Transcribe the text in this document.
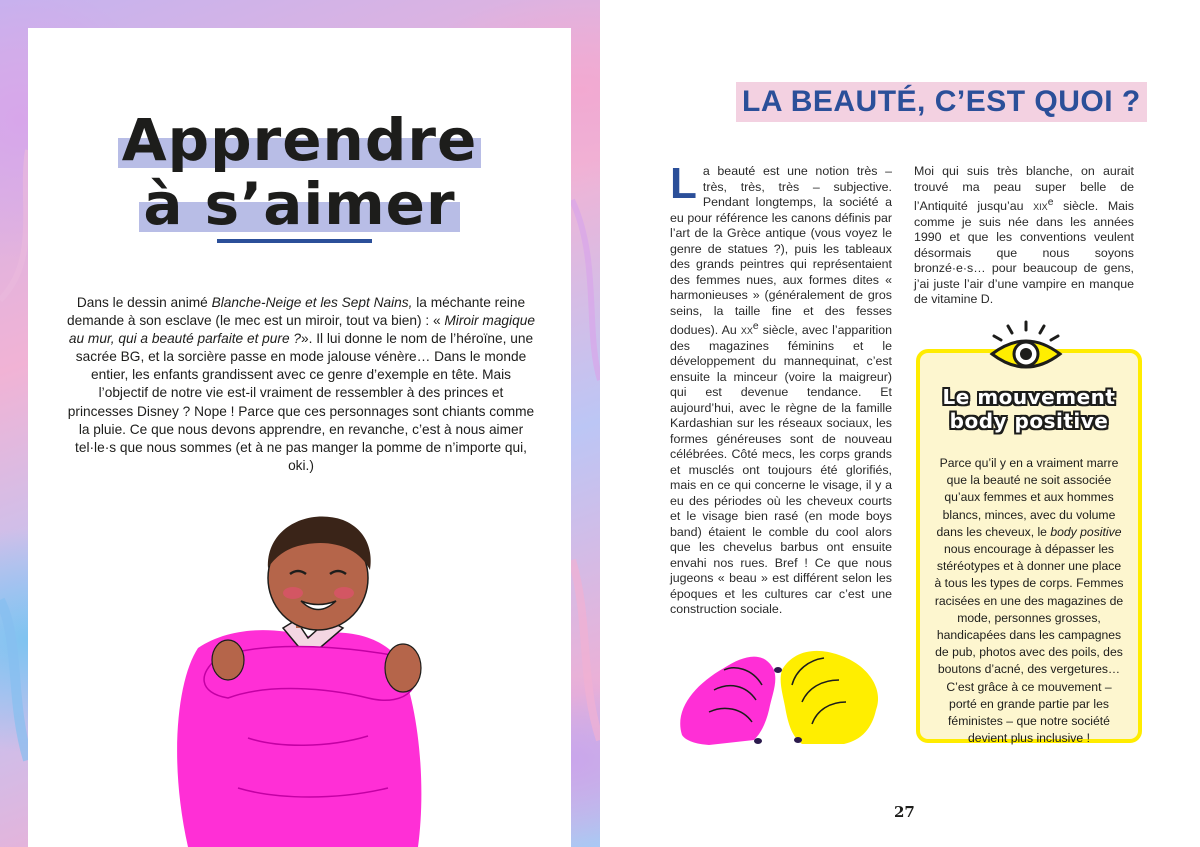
Apprendre
à s’aimer

Dans le dessin animé Blanche-Neige et les Sept Nains, la méchante reine demande à son esclave (le mec est un miroir, tout va bien) : « Miroir magique au mur, qui a beauté parfaite et pure ?». Il lui donne le nom de l’héroïne, une sacrée BG, et la sorcière passe en mode jalouse vénère… Dans le monde entier, les enfants grandissent avec ce genre d’exemple en tête. Mais l’objectif de notre vie est-il vraiment de ressembler à des princes et princesses Disney ? Nope ! Parce que ces personnages sont chiants comme la pluie. Ce que nous devons apprendre, en revanche, c’est à nous aimer tel·le·s que nous sommes (et à ne pas manger la pomme de n’importe qui, oki.)

LA BEAUTÉ, C’EST QUOI ?
L a beauté est une notion très – très, très, très – subjective. Pendant longtemps, la société a eu pour référence les canons définis par l’art de la Grèce antique (vous voyez le genre de statues ?), puis les tableaux des grands peintres qui représentaient des femmes nues, aux formes dites « harmonieuses » (généralement de gros seins, la taille fine et des fesses dodues). Au $xx^e$ siècle, avec l’apparition des magazines féminins et le développement du mannequinat, c’est ensuite la minceur (voire la maigreur) qui est devenue tendance. Et aujourd’hui, avec le règne de la famille Kardashian sur les réseaux sociaux, les formes généreuses sont de nouveau célébrées. Côté mecs, les corps grands et musclés ont toujours été glorifiés, mais en ce qui concerne le visage, il y a eu des périodes où les cheveux courts et le visage bien rasé (en mode boys band) étaient le comble du cool alors que les chevelus barbus ont ensuite envahi nos rues. Bref ! Ce que nous jugeons « beau » est différent selon les époques et les cultures car c’est une construction sociale.

Moi qui suis très blanche, on aurait trouvé ma peau super belle de l’Antiquité jusqu’au xix$^e$ siècle. Mais comme je suis née dans les années 1990 et que les conventions veulent désormais que nous soyons bronzé·e·s… pour beaucoup de gens, j’ai juste l’air d’une vampire en manque de vitamine D.

Le mouvement
body positive

Parce qu’il y en a vraiment marre que la beauté ne soit associée qu’aux femmes et aux hommes blancs, minces, avec du volume dans les cheveux, le body positive nous encourage à dépasser les stéréotypes et à donner une place à tous les types de corps. Femmes racisées en une des magazines de mode, personnes grosses, handicapées dans les campagnes de pub, photos avec des poils, des boutons d’acné, des vergetures… C’est grâce à ce mouvement – porté en grande partie par les féministes – que notre société devient plus inclusive !

27
